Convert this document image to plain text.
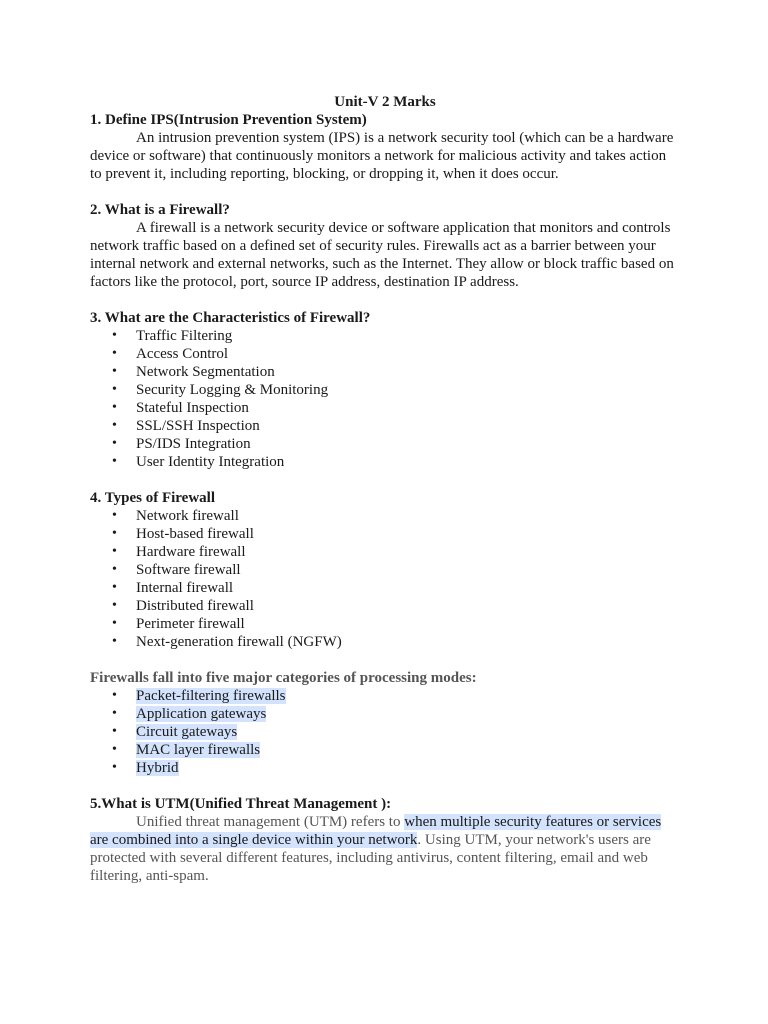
Unit-V 2 Marks

1. Define IPS(Intrusion Prevention System)

An intrusion prevention system (IPS) is a network security tool (which can be a hardware device or software) that continuously monitors a network for malicious activity and takes action to prevent it, including reporting, blocking, or dropping it, when it does occur.

2. What is a Firewall?

A firewall is a network security device or software application that monitors and controls network traffic based on a defined set of security rules. Firewalls act as a barrier between your internal network and external networks, such as the Internet. They allow or block traffic based on factors like the protocol, port, source IP address, destination IP address.

3. What are the Characteristics of Firewall?

• Traffic Filtering
• Access Control
• Network Segmentation
• Security Logging & Monitoring
• Stateful Inspection
• SSL/SSH Inspection
• PS/IDS Integration
• User Identity Integration

4. Types of Firewall

• Network firewall
• Host-based firewall
• Hardware firewall
• Software firewall
• Internal firewall
• Distributed firewall
• Perimeter firewall
• Next-generation firewall (NGFW)

Firewalls fall into five major categories of processing modes:

• Packet-filtering firewalls
• Application gateways
• Circuit gateways
• MAC layer firewalls
• Hybrid

5.What is UTM(Unified Threat Management ):

Unified threat management (UTM) refers to when multiple security features or services are combined into a single device within your network. Using UTM, your network's users are protected with several different features, including antivirus, content filtering, email and web filtering, anti-spam.
